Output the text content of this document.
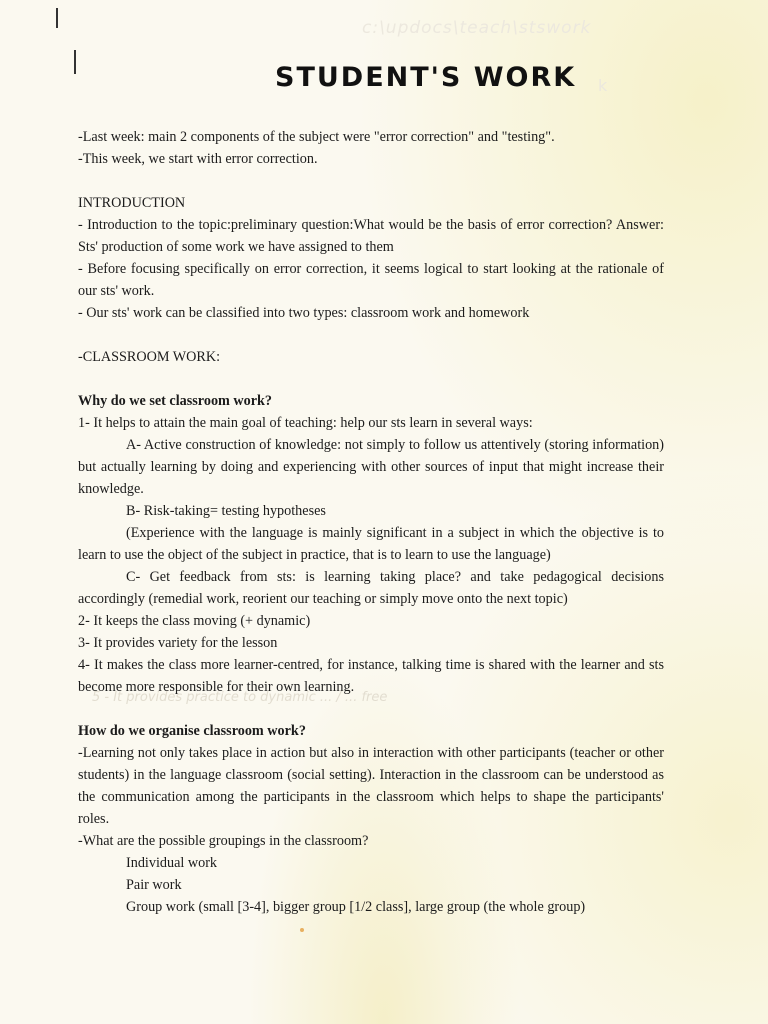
c:\updocs\teach\stswork
k
STUDENT'S WORK

-Last week: main 2 components of the subject were "error correction" and "testing".

-This week, we start with error correction.

INTRODUCTION

- Introduction to the topic:preliminary question:What would be the basis of error correction? Answer: Sts' production of some work we have assigned to them

- Before focusing specifically on error correction, it seems logical to start looking at the rationale of our sts' work.

- Our sts' work can be classified into two types: classroom work and homework

-CLASSROOM WORK:

Why do we set classroom work?

1- It helps to attain the main goal of teaching: help our sts learn in several ways:

A- Active construction of knowledge: not simply to follow us attentively (storing information) but actually learning by doing and experiencing with other sources of input that might increase their knowledge.

B- Risk-taking= testing hypotheses

(Experience with the language is mainly significant in a subject in which the objective is to learn to use the object of the subject in practice, that is to learn to use the language)

C- Get feedback from sts: is learning taking place? and take pedagogical decisions accordingly (remedial work, reorient our teaching or simply move onto the next topic)

2- It keeps the class moving (+ dynamic)

3- It provides variety for the lesson

4- It makes the class more learner-centred, for instance, talking time is shared with the learner and sts become more responsible for their own learning.

How do we organise classroom work?

-Learning not only takes place in action but also in interaction with other participants (teacher or other students) in the language classroom (social setting). Interaction in the classroom can be understood as the communication among the participants in the classroom which helps to shape the participants' roles.

-What are the possible groupings in the classroom?

Individual work

Pair work

Group work (small [3-4], bigger group [1/2 class], large group (the whole group)

5 - It provides practice to dynamic ... / ... free
